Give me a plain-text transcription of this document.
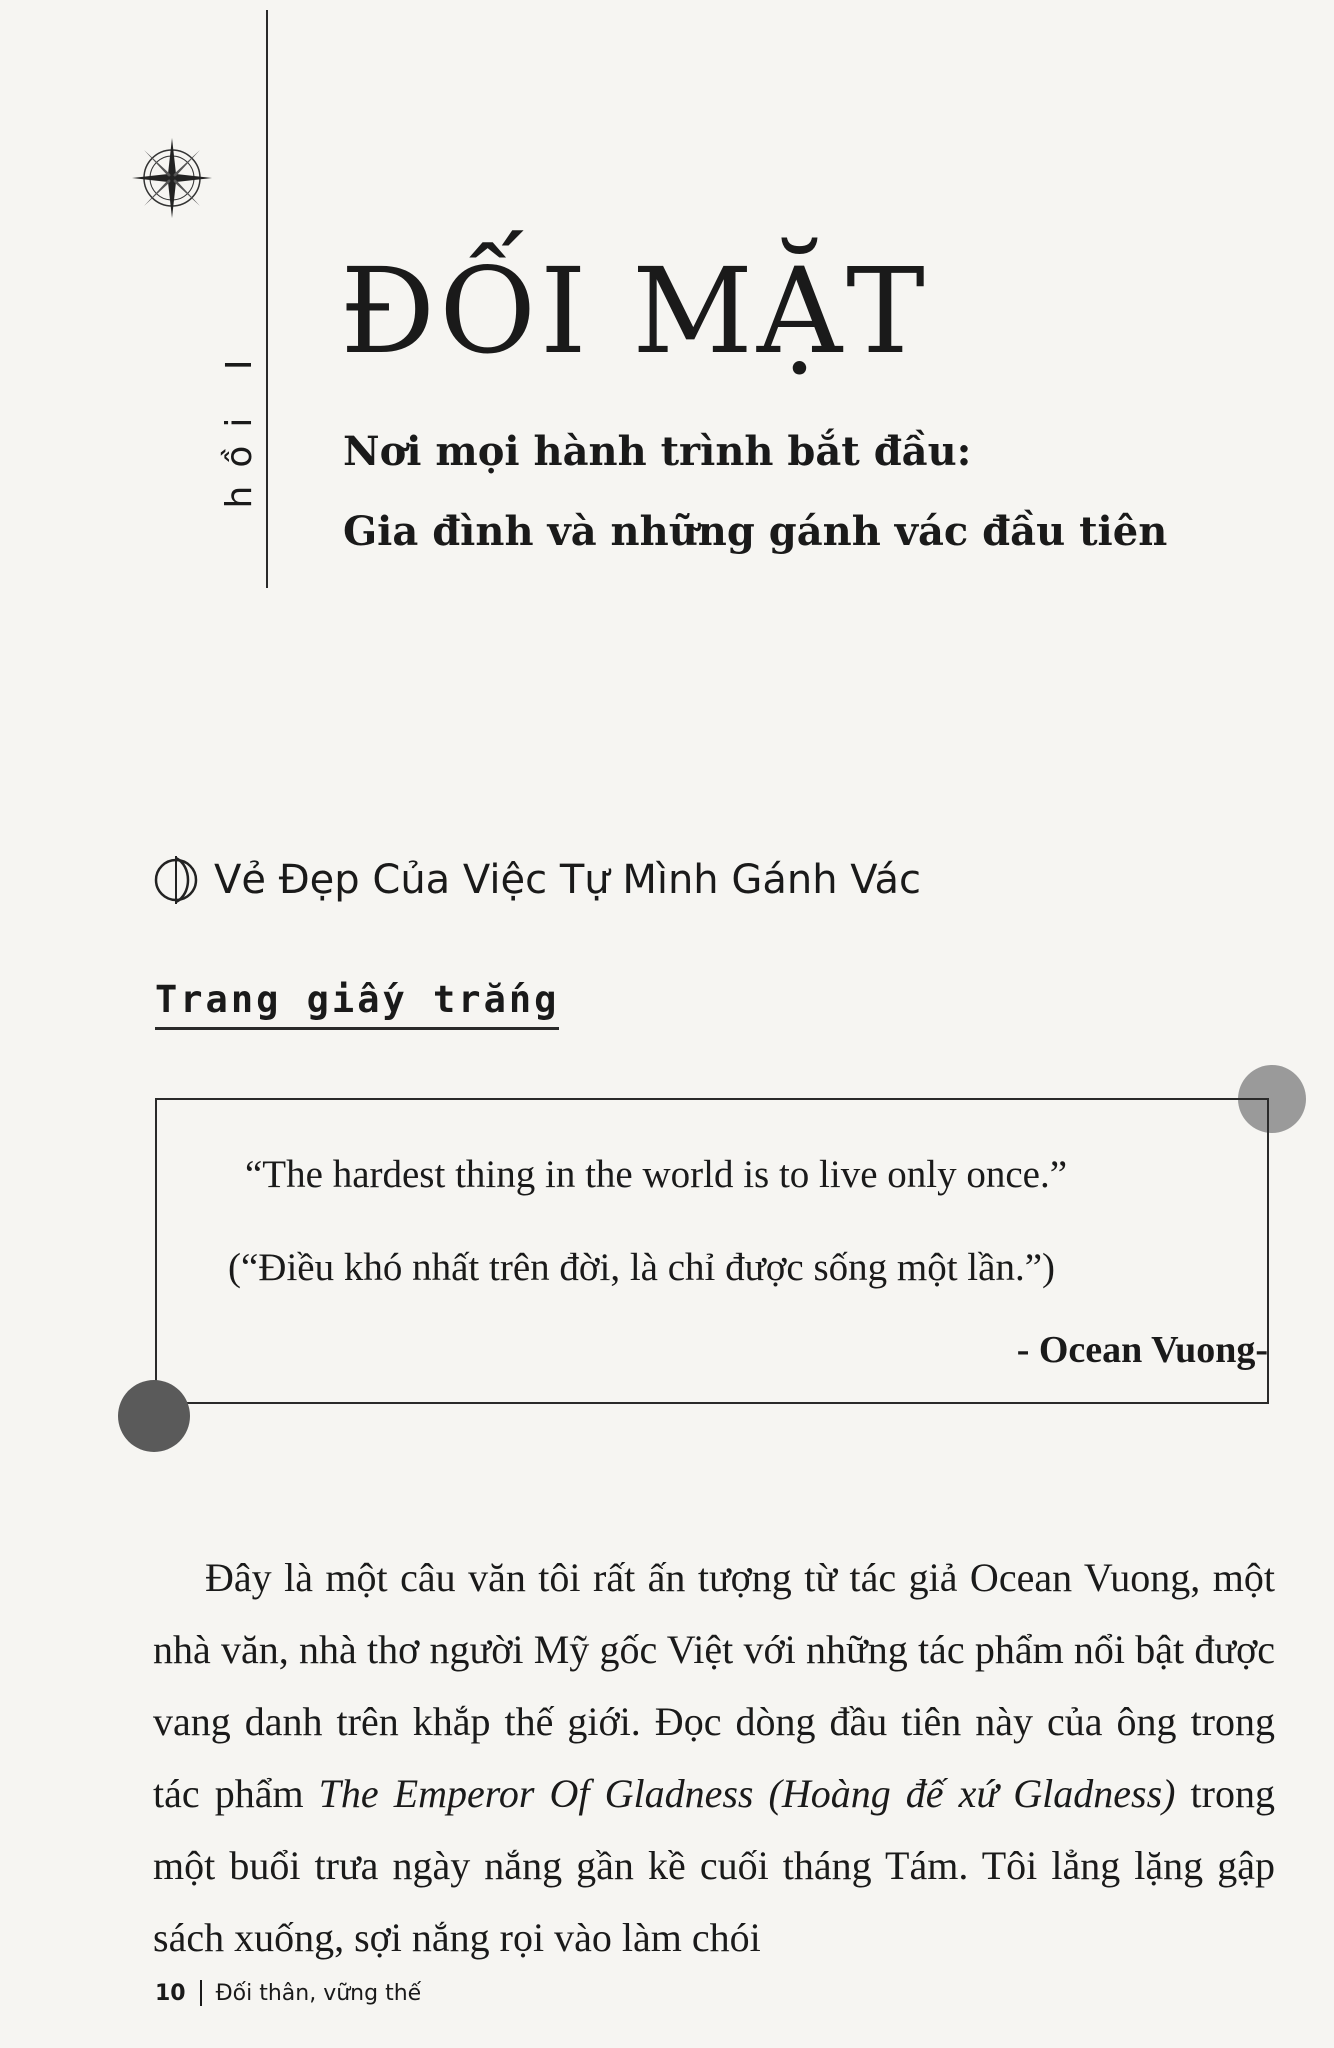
hồi I
ĐỐI MẶT
Nơi mọi hành trình bắt đầu:
Gia đình và những gánh vác đầu tiên
Vẻ Đẹp Của Việc Tự Mình Gánh Vác
Trang giấy trắng
“The hardest thing in the world is to live only once.”
(“Điều khó nhất trên đời, là chỉ được sống một lần.”)
- Ocean Vuong-

Đây là một câu văn tôi rất ấn tượng từ tác giả Ocean Vuong, một nhà văn, nhà thơ người Mỹ gốc Việt với những tác phẩm nổi bật được vang danh trên khắp thế giới. Đọc dòng đầu tiên này của ông trong tác phẩm The Emperor Of Gladness (Hoàng đế xứ Gladness) trong một buổi trưa ngày nắng gần kề cuối tháng Tám. Tôi lẳng lặng gập sách xuống, sợi nắng rọi vào làm chói

10 Đối thân, vững thế
